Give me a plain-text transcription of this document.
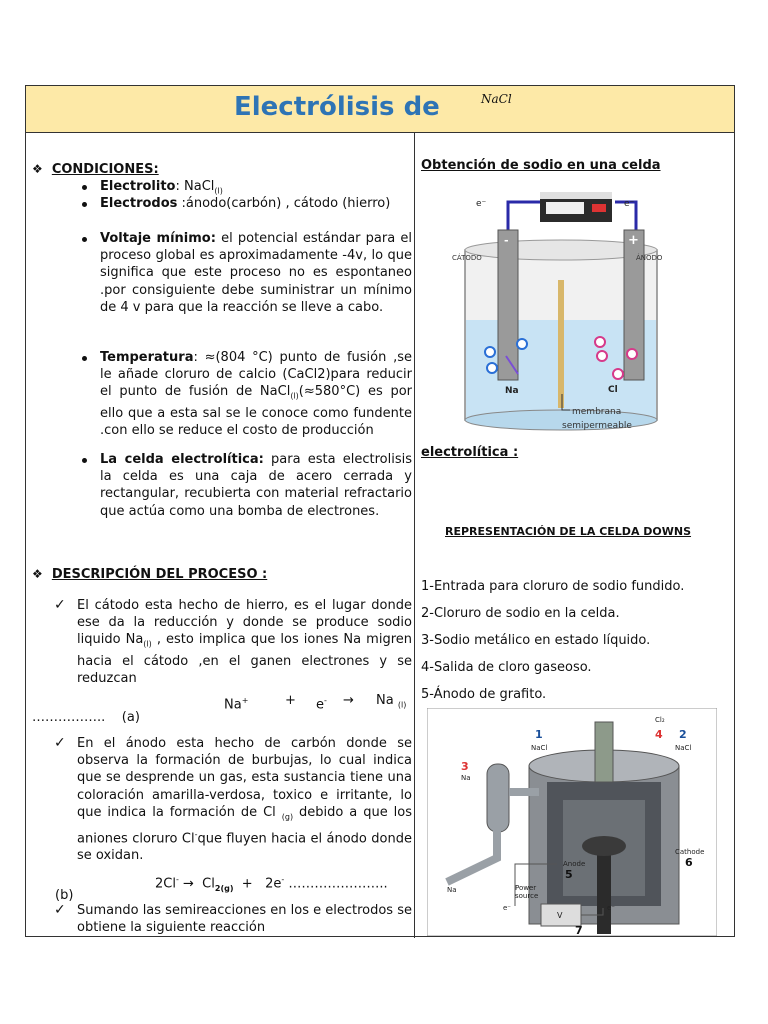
Electrólisis de	NaCl
❖ CONDICIONES:
Electrolito: NaCl$_{(l)}$
Electrodos :ánodo(carbón) , cátodo (hierro)
Voltaje mínimo: el potencial estándar para el proceso global es aproximadamente -4v, lo que significa que este proceso no es espontaneo .por consiguiente debe suministrar un mínimo de 4 v para que la reacción se lleve a cabo.
Temperatura: ≈(804 °C) punto de fusión ,se le añade cloruro de calcio (CaCl2)para reducir el punto de fusión de NaCl$_{(l)}$(≈580°C) es por ello que a esta sal se le conoce como fundente .con ello se reduce el costo de producción
La celda electrolítica: para esta electrolisis la celda es una caja de acero cerrada y rectangular, recubierta con material refractario que actúa como una bomba de electrones.
❖ DESCRIPCIÓN DEL PROCESO :
✓ El cátodo esta hecho de hierro, es el lugar donde ese da la reducción y donde se produce sodio liquido $Na_{(l)}$ , esto implica que los iones Na migren hacia el cátodo ,en el ganen electrones y se reduzcan
Na+	+ e- → Na $_{(l)}$
…………….. (a)
✓ En el ánodo esta hecho de carbón donde se observa la formación de burbujas, lo cual indica que se desprende un gas, esta sustancia tiene una coloración amarilla-verdosa, toxico e irritante, lo que indica la formación de Cl $_{(g)}$ debido a que los aniones cloruro Cl-que fluyen hacia el ánodo donde se oxidan.
$2Cl^- \to Cl_{2(g)} + 2e^-$ …………………..
(b)
✓ Sumando las semireacciones en los e electrodos se obtiene la siguiente reacción
Obtención de sodio en una celda
e⁻	e⁻
-	+
CÁTODO	ÁNODO
Na	Cl
membrana
semipermeable
electrolítica :
REPRESENTACIÓN DE LA CELDA DOWNS
1-Entrada para cloruro de sodio fundido.
2-Cloruro de sodio en la celda.
3-Sodio metálico en estado líquido.
4-Salida de cloro gaseoso.
5-Ánodo de grafito.
1
NaCl
4
Cl₂
2
NaCl
3
Na
Cathode
6
Anode
5
Power
source
V
7
Na
e⁻	e⁻
